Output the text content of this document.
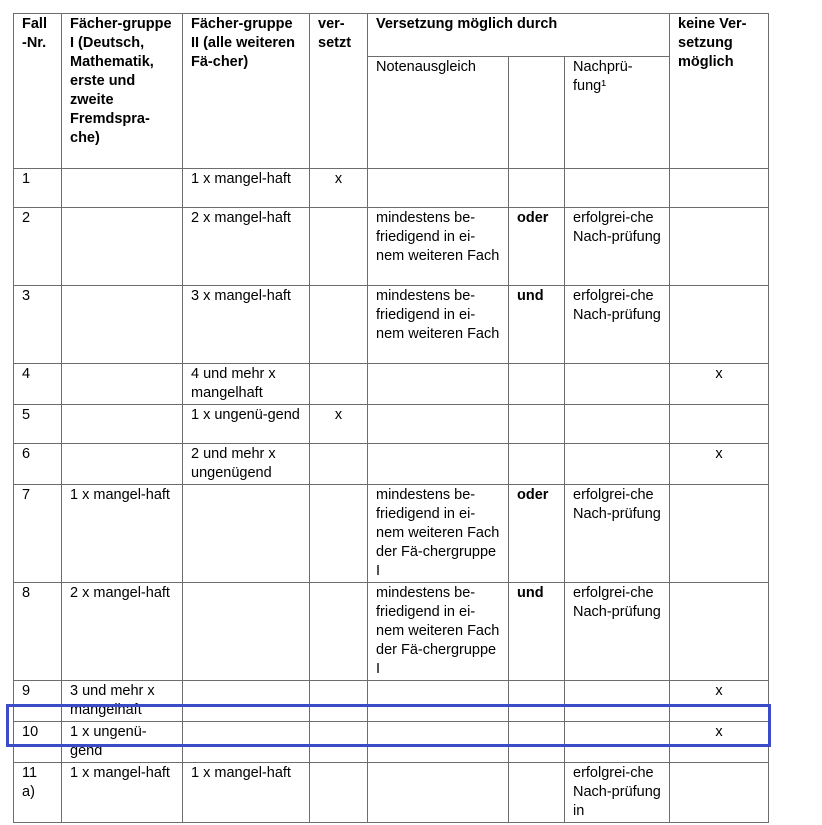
Fall -Nr.	Fächer-gruppe I (Deutsch, Mathematik, erste und zweite Fremdspra-che)	Fächer-gruppe II (alle weiteren Fä-cher)	ver-setzt	Versetzung möglich durch			keine Ver-setzung möglich
				Notenausgleich		Nachprü-fung¹	
1		1 x mangel-haft	x				
2		2 x mangel-haft		mindestens be-friedigend in ei-nem weiteren Fach	oder	erfolgrei-che Nach-prüfung	
3		3 x mangel-haft		mindestens be-friedigend in ei-nem weiteren Fach	und	erfolgrei-che Nach-prüfung	
4		4 und mehr x mangelhaft					x
5		1 x ungenü-gend	x				
6		2 und mehr x ungenügend					x
7	1 x mangel-haft			mindestens be-friedigend in ei-nem weiteren Fach der Fä-chergruppe I	oder	erfolgrei-che Nach-prüfung	
8	2 x mangel-haft			mindestens be-friedigend in ei-nem weiteren Fach der Fä-chergruppe I	und	erfolgrei-che Nach-prüfung	
9	3 und mehr x mangelhaft						x
10	1 x ungenü-gend						x
11 a)	1 x mangel-haft	1 x mangel-haft				erfolgrei-che Nach-prüfung in	
